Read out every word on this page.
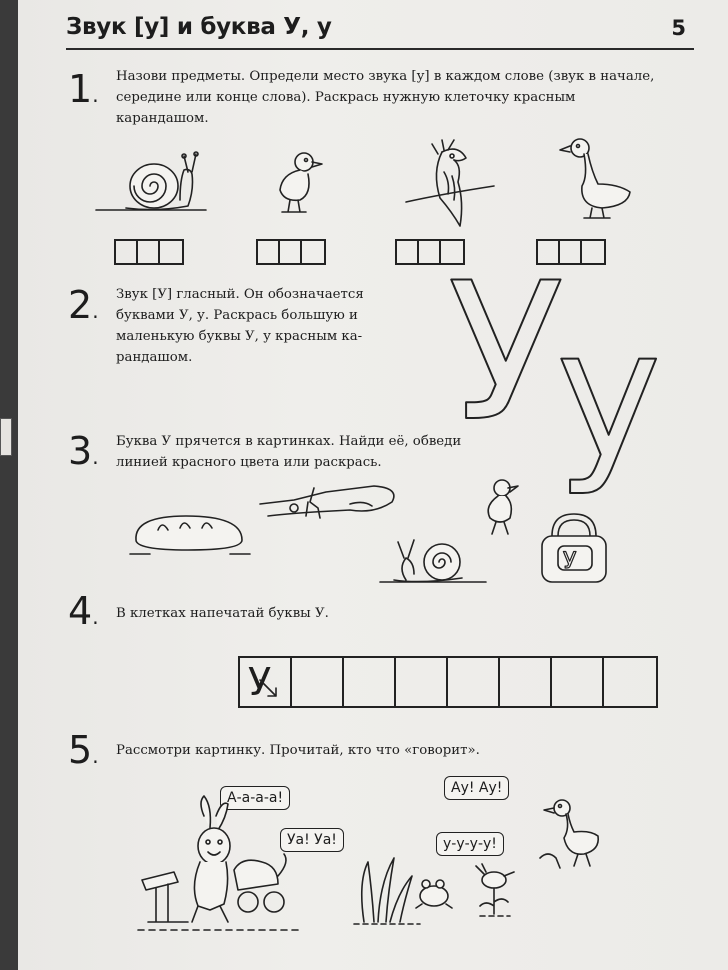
Звук [у] и буква У, у	5
1.
Назови предметы. Определи место звука [у] в каждом слове (звук в начале, середине или конце слова). Раскрась нужную клеточку красным карандашом.
2.
Звук [У] гласный. Он обозначается буквами У, у. Раскрась большую и маленькую буквы У, у красным карандашом.	У
у
3.
Буква У прячется в картинках. Найди её, обведи линией красного цвета или раскрась.
У
4. В клетках напечатай буквы У.
У
5. Рассмотри картинку. Прочитай, кто что «говорит».
А-а-а-а!
Уа! Уа!
Ау! Ау!
у-у-у-у!
